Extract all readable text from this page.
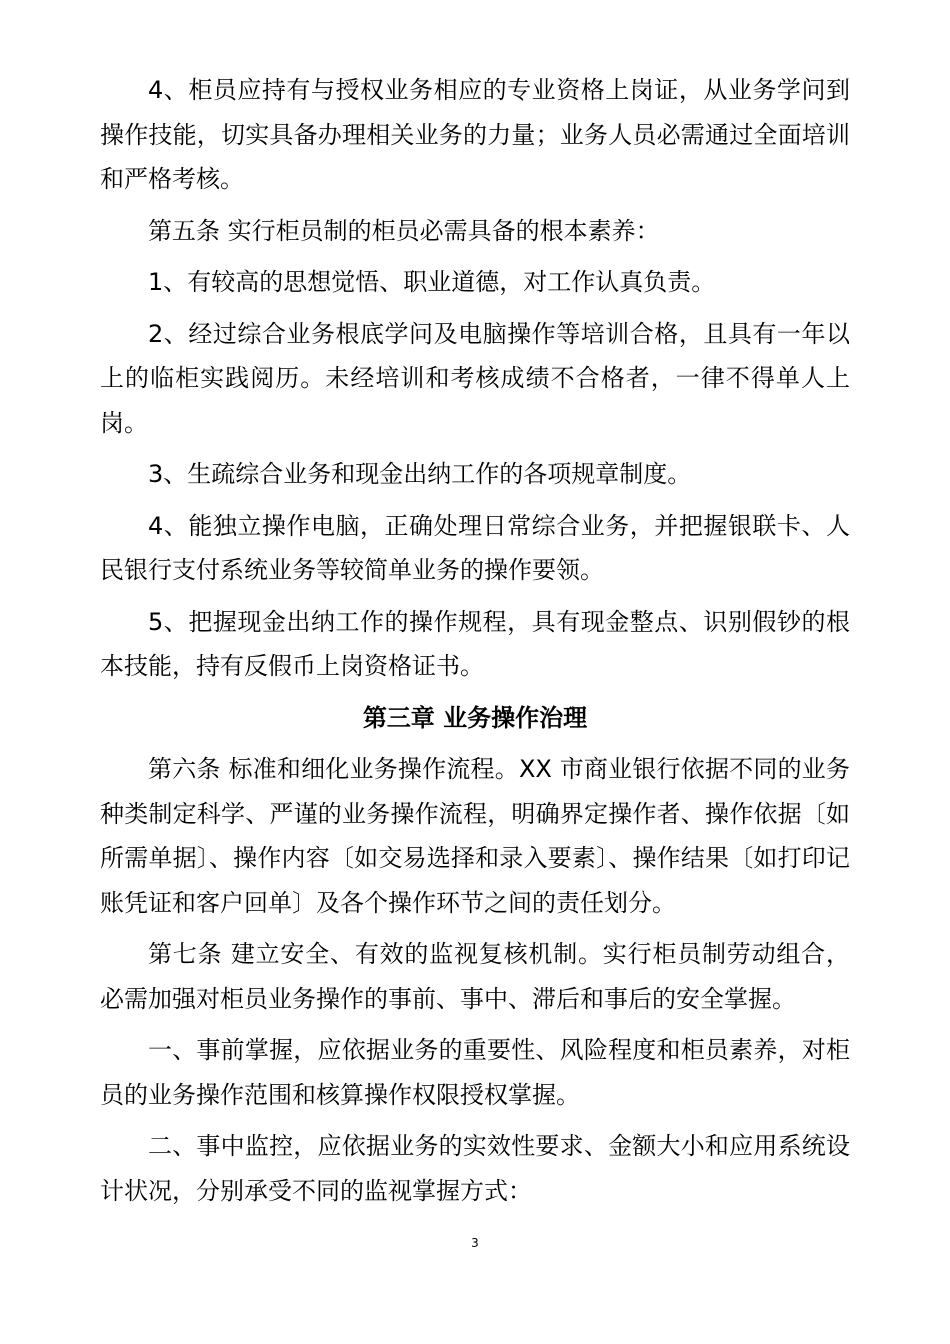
4、柜员应持有与授权业务相应的专业资格上岗证，从业务学问到操作技能，切实具备办理相关业务的力量；业务人员必需通过全面培训和严格考核。

第五条 实行柜员制的柜员必需具备的根本素养：

1、有较高的思想觉悟、职业道德，对工作认真负责。

2、经过综合业务根底学问及电脑操作等培训合格，且具有一年以上的临柜实践阅历。未经培训和考核成绩不合格者，一律不得单人上岗。

3、生疏综合业务和现金出纳工作的各项规章制度。

4、能独立操作电脑，正确处理日常综合业务，并把握银联卡、人民银行支付系统业务等较简单业务的操作要领。

5、把握现金出纳工作的操作规程，具有现金整点、识别假钞的根本技能，持有反假币上岗资格证书。

第三章 业务操作治理

第六条 标准和细化业务操作流程。XX 市商业银行依据不同的业务种类制定科学、严谨的业务操作流程，明确界定操作者、操作依据〔如所需单据〕、操作内容〔如交易选择和录入要素〕、操作结果〔如打印记账凭证和客户回单〕及各个操作环节之间的责任划分。

第七条 建立安全、有效的监视复核机制。实行柜员制劳动组合，必需加强对柜员业务操作的事前、事中、滞后和事后的安全掌握。

一、事前掌握，应依据业务的重要性、风险程度和柜员素养，对柜员的业务操作范围和核算操作权限授权掌握。

二、事中监控，应依据业务的实效性要求、金额大小和应用系统设计状况，分别承受不同的监视掌握方式：

3
